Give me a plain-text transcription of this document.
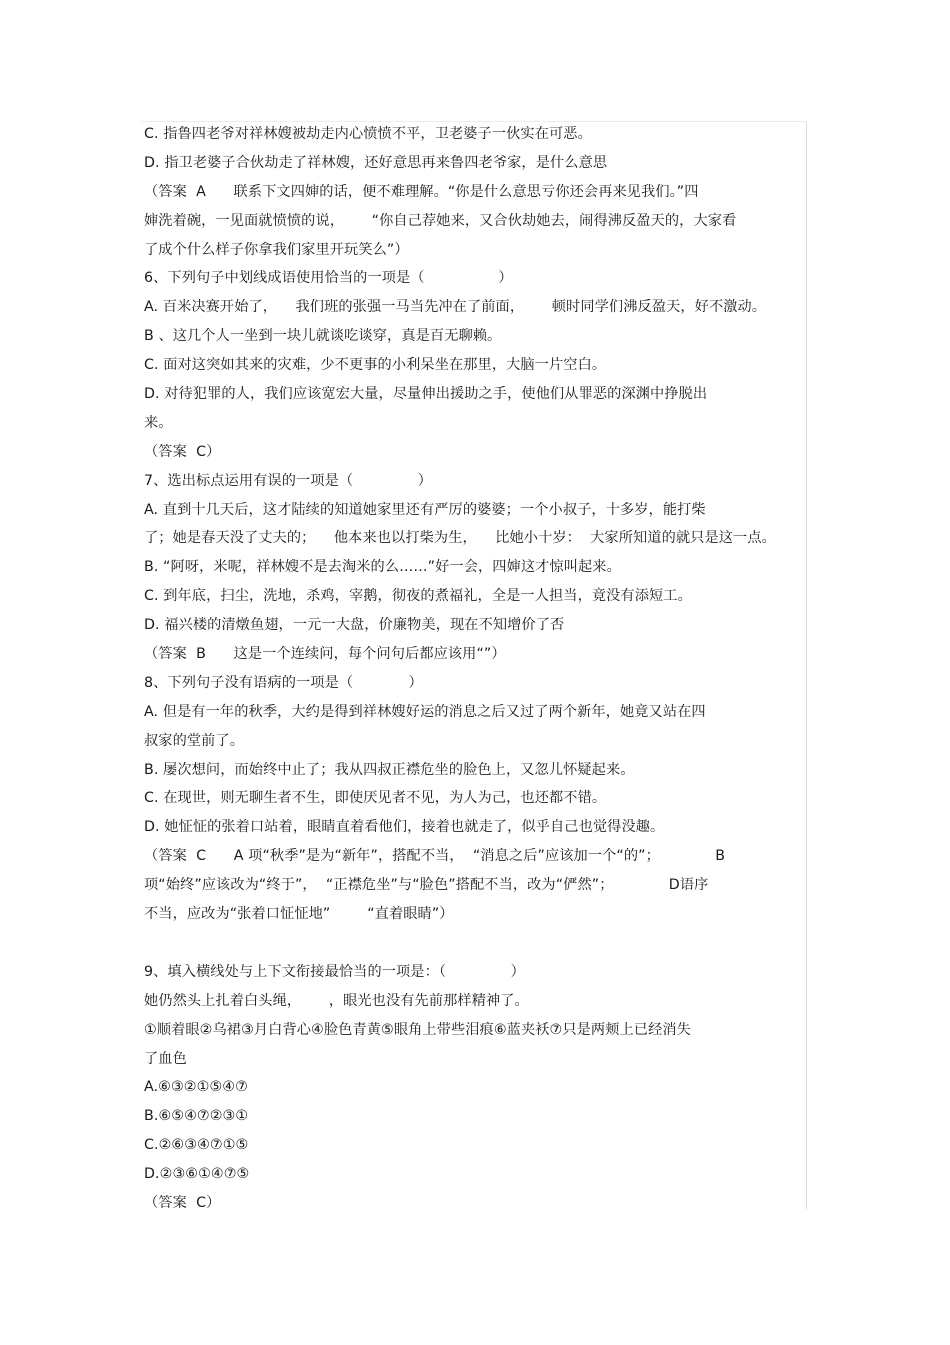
C. 指鲁四老爷对祥林嫂被劫走内心愤愤不平，卫老婆子一伙实在可恶。
D. 指卫老婆子合伙劫走了祥林嫂，还好意思再来鲁四老爷家，是什么意思
（答案  A      联系下文四婶的话，便不难理解。“你是什么意思亏你还会再来见我们。”四
婶洗着碗，一见面就愤愤的说，      “你自己荐她来，又合伙劫她去，闹得沸反盈天的，大家看
了成个什么样子你拿我们家里开玩笑么”）
6、下列句子中划线成语使用恰当的一项是（                ）
A. 百米决赛开始了，    我们班的张强一马当先冲在了前面，      顿时同学们沸反盈天，好不激动。
B 、这几个人一坐到一块儿就谈吃谈穿，真是百无聊赖。
C. 面对这突如其来的灾难，少不更事的小利呆坐在那里，大脑一片空白。
D. 对待犯罪的人，我们应该宽宏大量，尽量伸出援助之手，使他们从罪恶的深渊中挣脱出
来。
（答案  C）
7、选出标点运用有误的一项是（              ）
A. 直到十几天后，这才陆续的知道她家里还有严厉的婆婆；一个小叔子，十多岁，能打柴
了；她是春天没了丈夫的；    他本来也以打柴为生，    比她小十岁：  大家所知道的就只是这一点。
B. “阿呀，米呢，祥林嫂不是去淘米的么……”好一会，四婶这才惊叫起来。
C. 到年底，扫尘，洗地，杀鸡，宰鹅，彻夜的煮福礼，全是一人担当，竟没有添短工。
D. 福兴楼的清燉鱼翅，一元一大盘，价廉物美，现在不知增价了否
（答案  B      这是一个连续问，每个问句后都应该用“”）
8、下列句子没有语病的一项是（            ）
A. 但是有一年的秋季，大约是得到祥林嫂好运的消息之后又过了两个新年，她竟又站在四
叔家的堂前了。
B. 屡次想问，而始终中止了；我从四叔正襟危坐的脸色上，又忽儿怀疑起来。
C. 在现世，则无聊生者不生，即使厌见者不见，为人为己，也还都不错。
D. 她怔怔的张着口站着，眼睛直着看他们，接着也就走了，似乎自己也觉得没趣。
（答案  C      A 项“秋季”是为“新年”，搭配不当，  “消息之后”应该加一个“的”；            B
项“始终”应该改为“终于”，  “正襟危坐”与“脸色”搭配不当，改为“俨然”；            D语序
不当，应改为“张着口怔怔地”        “直着眼睛”）
9、填入横线处与上下文衔接最恰当的一项是：（              ）
她仍然头上扎着白头绳，      ，眼光也没有先前那样精神了。
①顺着眼②乌裙③月白背心④脸色青黄⑤眼角上带些泪痕⑥蓝夹袄⑦只是两颊上已经消失
了血色
A.⑥③②①⑤④⑦
B.⑥⑤④⑦②③①
C.②⑥③④⑦①⑤
D.②③⑥①④⑦⑤
（答案  C）
